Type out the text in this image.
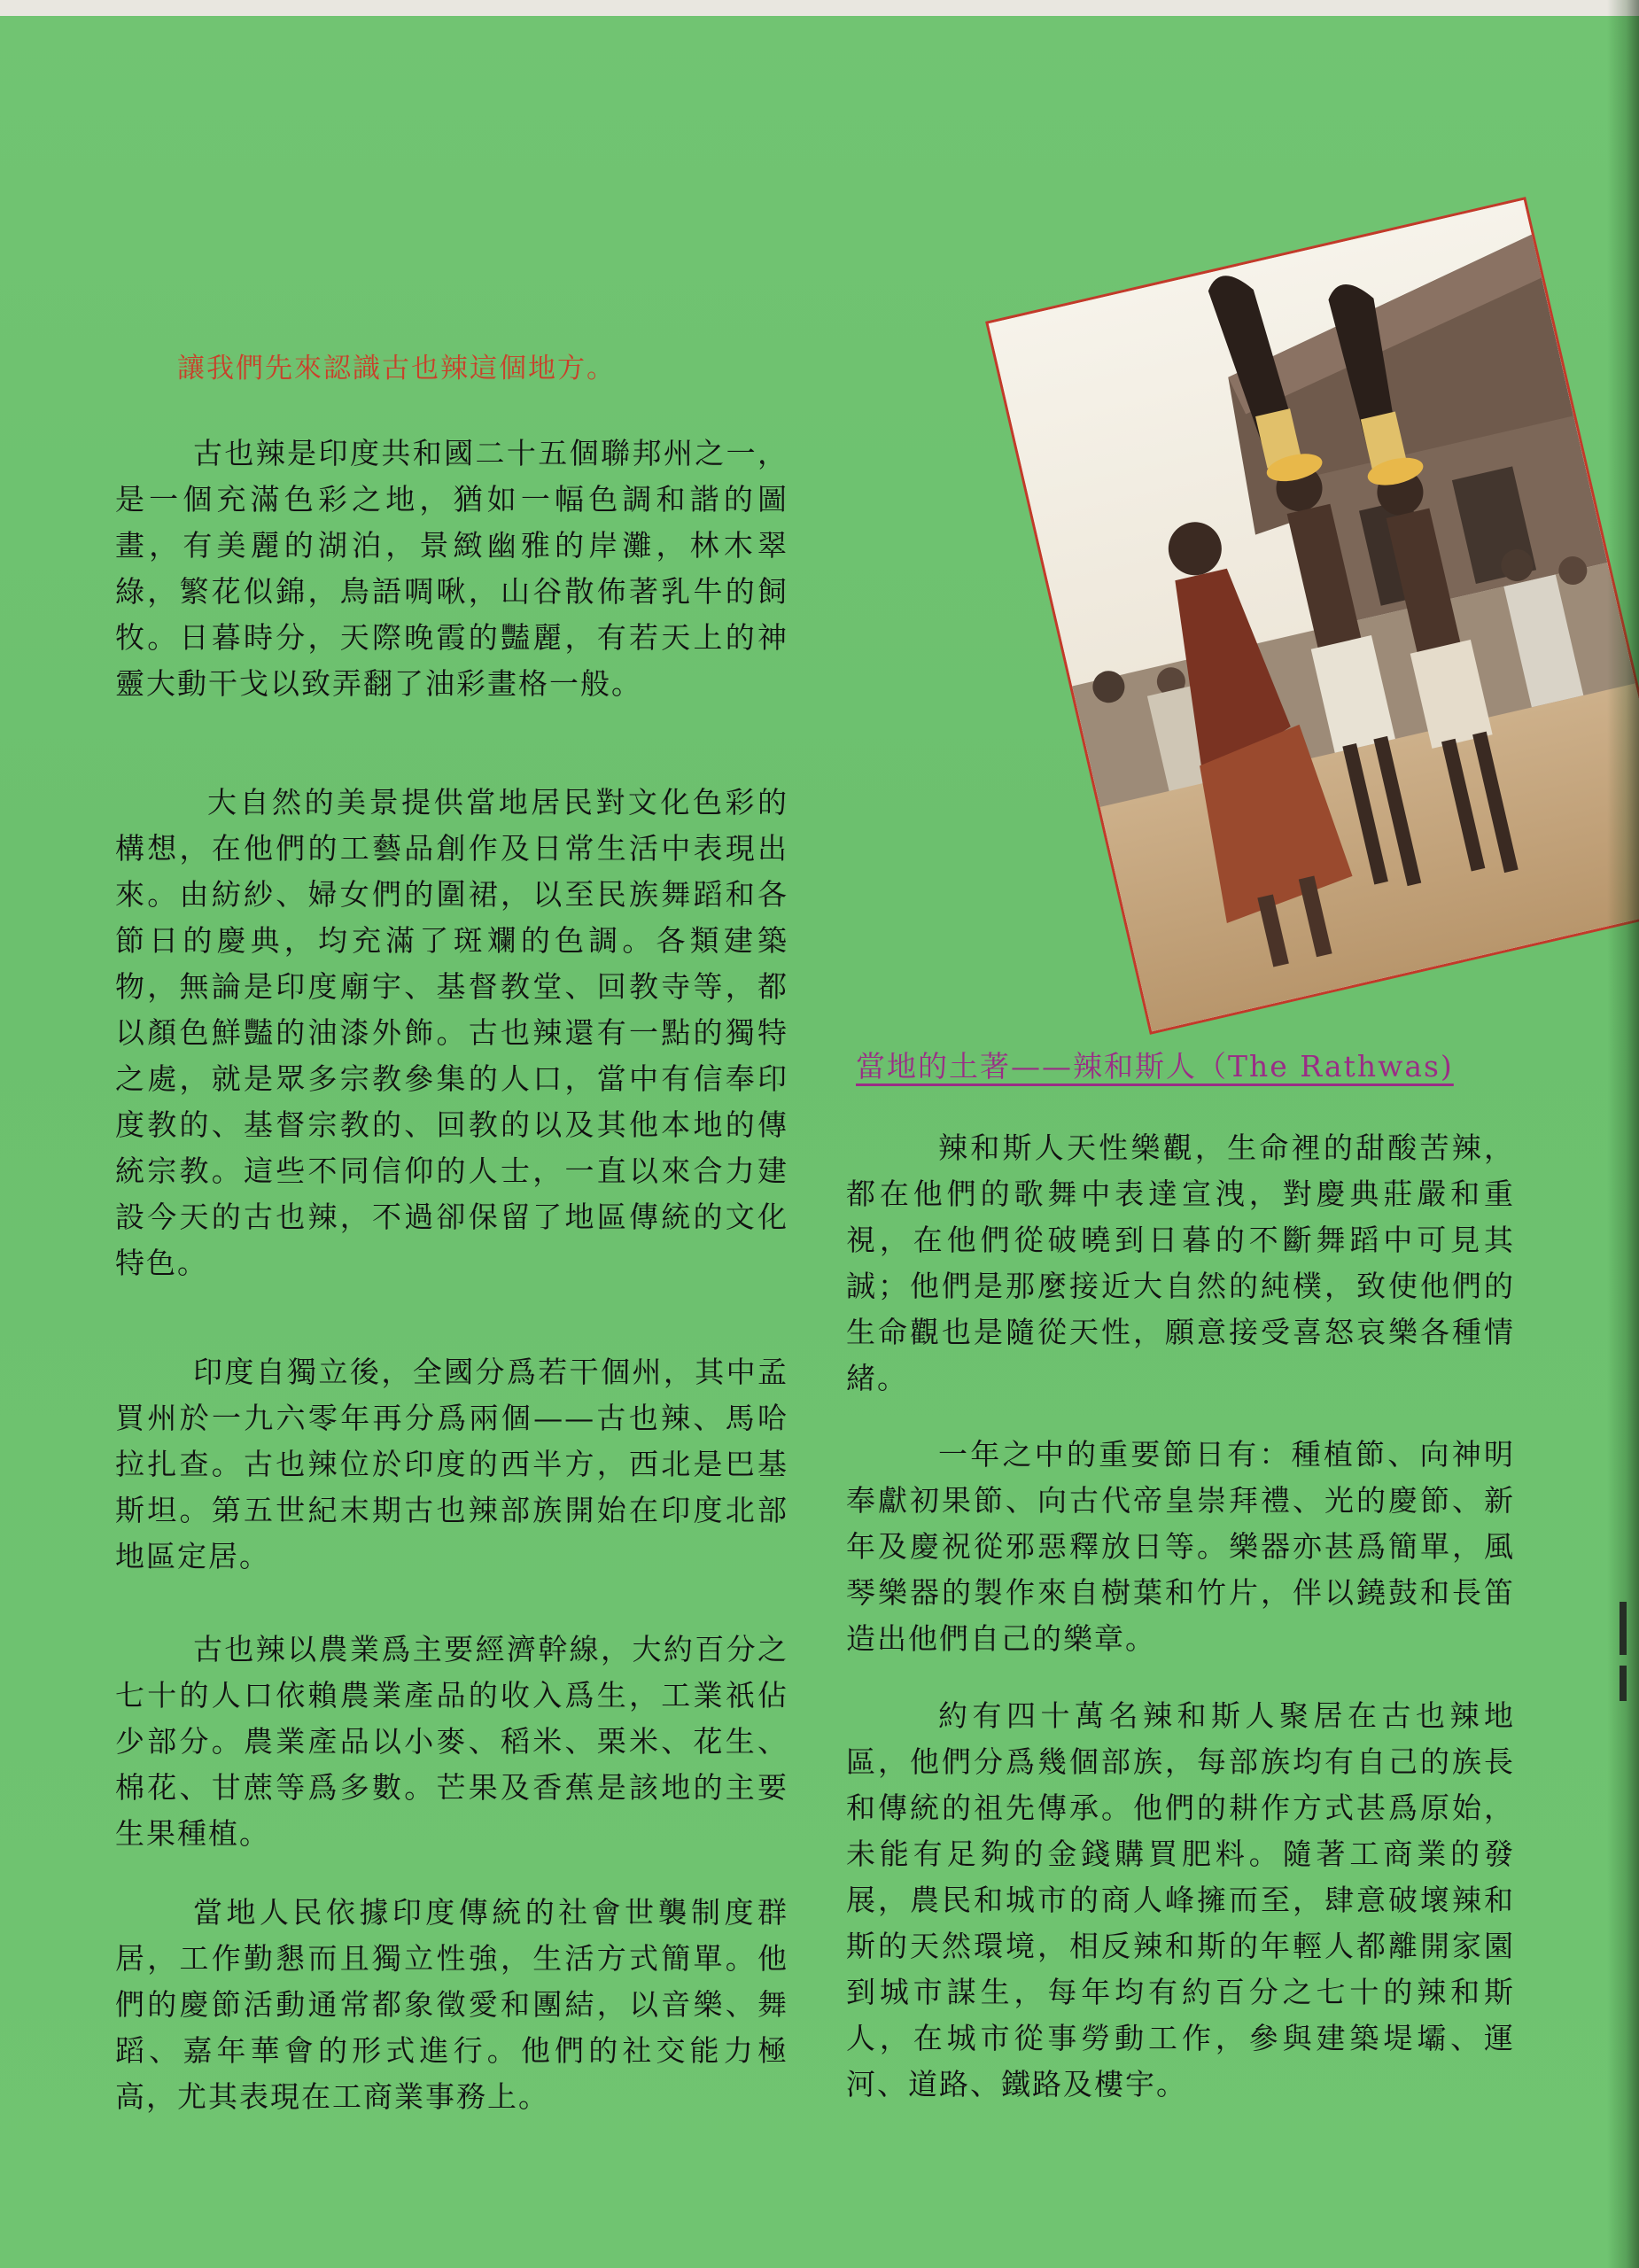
讓我們先來認識古也辣這個地方。

古也辣是印度共和國二十五個聯邦州之一，是一個充滿色彩之地，猶如一幅色調和諧的圖畫，有美麗的湖泊，景緻幽雅的岸灘，林木翠綠，繁花似錦，鳥語啁啾，山谷散佈著乳牛的飼牧。日暮時分，天際晚霞的豔麗，有若天上的神靈大動干戈以致弄翻了油彩畫格一般。

大自然的美景提供當地居民對文化色彩的構想，在他們的工藝品創作及日常生活中表現出來。由紡紗、婦女們的圍裙，以至民族舞蹈和各節日的慶典，均充滿了斑斕的色調。各類建築物，無論是印度廟宇、基督教堂、回教寺等，都以顏色鮮豔的油漆外飾。古也辣還有一點的獨特之處，就是眾多宗教參集的人口，當中有信奉印度教的、基督宗教的、回教的以及其他本地的傳統宗教。這些不同信仰的人士，一直以來合力建設今天的古也辣，不過卻保留了地區傳統的文化特色。

印度自獨立後，全國分爲若干個州，其中孟買州於一九六零年再分爲兩個——古也辣、馬哈拉扎查。古也辣位於印度的西半方，西北是巴基斯坦。第五世紀末期古也辣部族開始在印度北部地區定居。

古也辣以農業爲主要經濟幹線，大約百分之七十的人口依賴農業產品的收入爲生，工業祇佔少部分。農業產品以小麥、稻米、栗米、花生、棉花、甘蔗等爲多數。芒果及香蕉是該地的主要生果種植。

當地人民依據印度傳統的社會世襲制度群居，工作勤懇而且獨立性強，生活方式簡單。他們的慶節活動通常都象徵愛和團結，以音樂、舞蹈、嘉年華會的形式進行。他們的社交能力極高，尤其表現在工商業事務上。

當地的土著——辣和斯人（The Rathwas)

辣和斯人天性樂觀，生命裡的甜酸苦辣，都在他們的歌舞中表達宣洩，對慶典莊嚴和重視，在他們從破曉到日暮的不斷舞蹈中可見其誠；他們是那麼接近大自然的純樸，致使他們的生命觀也是隨從天性，願意接受喜怒哀樂各種情緒。

一年之中的重要節日有：種植節、向神明奉獻初果節、向古代帝皇崇拜禮、光的慶節、新年及慶祝從邪惡釋放日等。樂器亦甚爲簡單，風琴樂器的製作來自樹葉和竹片，伴以鐃鼓和長笛造出他們自己的樂章。

約有四十萬名辣和斯人聚居在古也辣地區，他們分爲幾個部族，每部族均有自己的族長和傳統的祖先傳承。他們的耕作方式甚爲原始，未能有足夠的金錢購買肥料。隨著工商業的發展，農民和城市的商人峰擁而至，肆意破壞辣和斯的天然環境，相反辣和斯的年輕人都離開家園到城市謀生，每年均有約百分之七十的辣和斯人，在城市從事勞動工作，參與建築堤壩、運河、道路、鐵路及樓宇。
